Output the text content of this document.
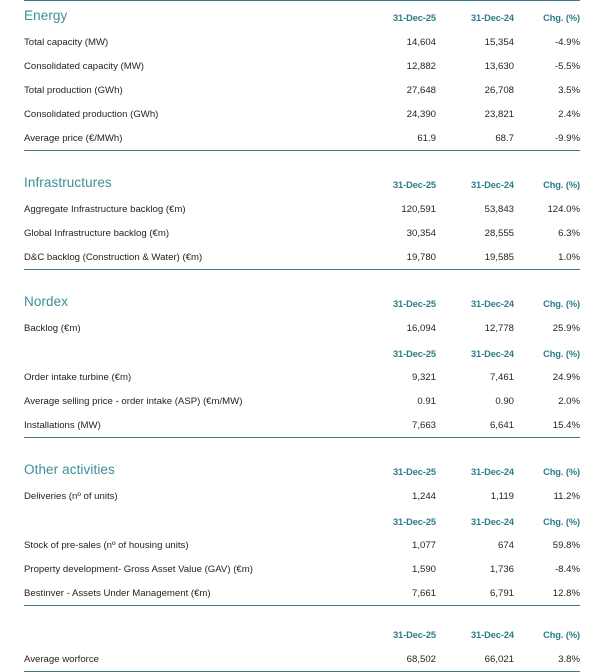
Energy	31-Dec-25	31-Dec-24	Chg. (%)
Total capacity (MW)	14,604	15,354	-4.9%
Consolidated capacity (MW)	12,882	13,630	-5.5%
Total production (GWh)	27,648	26,708	3.5%
Consolidated production (GWh)	24,390	23,821	2.4%
Average price (€/MWh)	61.9	68.7	-9.9%

Infrastructures	31-Dec-25	31-Dec-24	Chg. (%)
Aggregate Infrastructure backlog (€m)	120,591	53,843	124.0%
Global Infrastructure backlog (€m)	30,354	28,555	6.3%
D&C backlog (Construction & Water) (€m)	19,780	19,585	1.0%

Nordex	31-Dec-25	31-Dec-24	Chg. (%)
Backlog (€m)	16,094	12,778	25.9%
	31-Dec-25	31-Dec-24	Chg. (%)
Order intake turbine (€m)	9,321	7,461	24.9%
Average selling price - order intake (ASP) (€m/MW)	0.91	0.90	2.0%
Installations (MW)	7,663	6,641	15.4%

Other activities	31-Dec-25	31-Dec-24	Chg. (%)
Deliveries (nº of units)	1,244	1,119	11.2%
	31-Dec-25	31-Dec-24	Chg. (%)
Stock of pre-sales (nº of housing units)	1,077	674	59.8%
Property development- Gross Asset Value (GAV) (€m)	1,590	1,736	-8.4%
Bestinver - Assets Under Management (€m)	7,661	6,791	12.8%

	31-Dec-25	31-Dec-24	Chg. (%)
Average worforce	68,502	66,021	3.8%
